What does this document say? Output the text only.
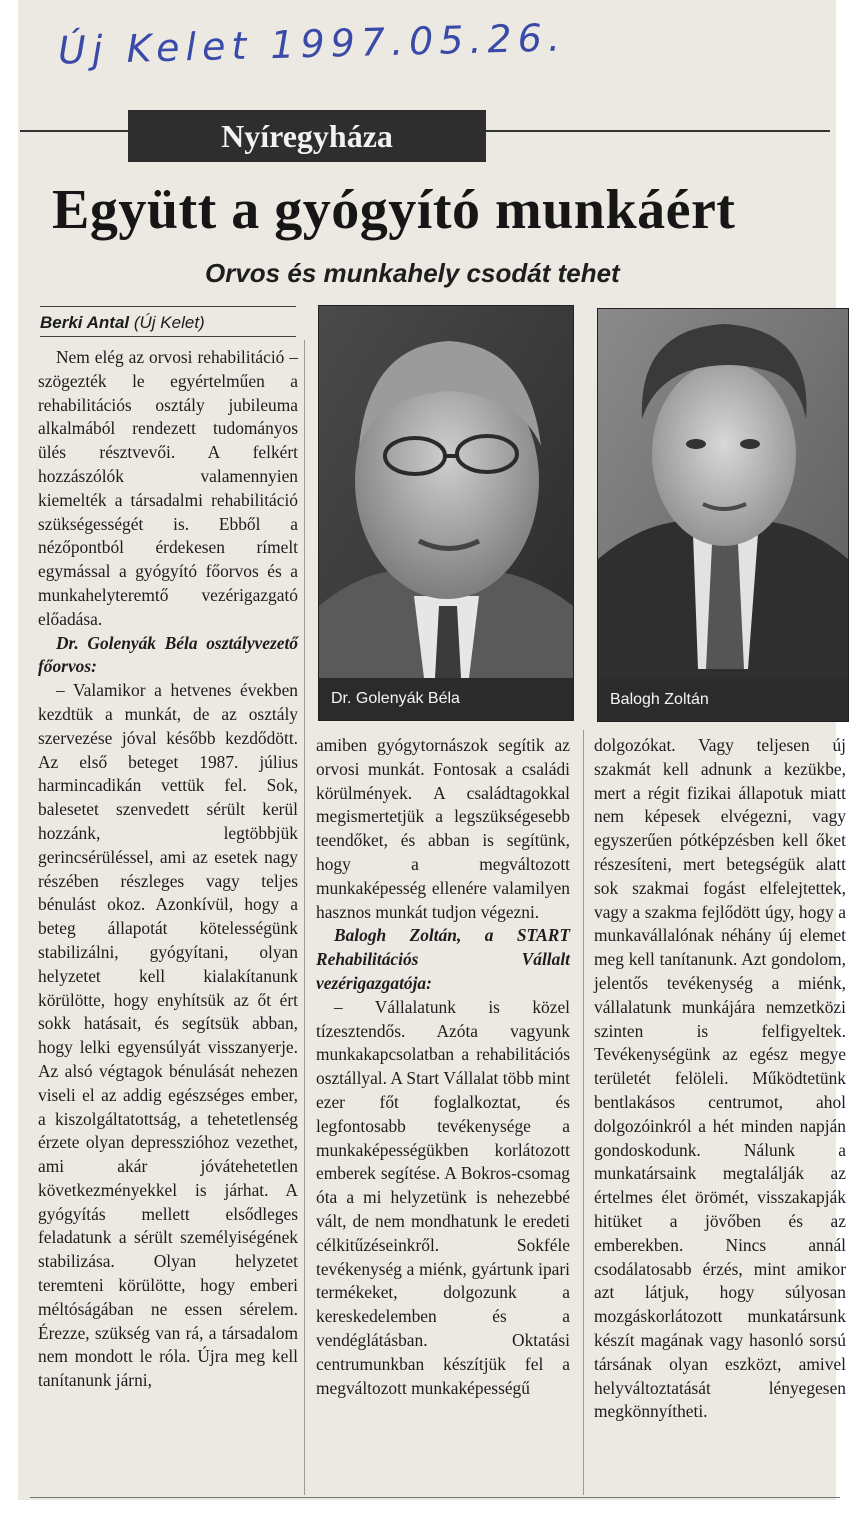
Új Kelet 1997.05.26.
Nyíregyháza
Együtt a gyógyító munkáért
Orvos és munkahely csodát tehet
Berki Antal (Új Kelet)
Dr. Golenyák Béla	Balogh Zoltán

Nem elég az orvosi rehabilitáció – szögezték le egyértelműen a rehabilitációs osztály jubileuma alkalmából rendezett tudományos ülés résztvevői. A felkért hozzászólók valamennyien kiemelték a társadalmi rehabilitáció szükségességét is. Ebből a nézőpontból érdekesen rímelt egymással a gyógyító főorvos és a munkahelyteremtő vezérigazgató előadása.

Dr. Golenyák Béla osztályvezető főorvos:

– Valamikor a hetvenes években kezdtük a munkát, de az osztály szervezése jóval később kezdődött. Az első beteget 1987. július harmincadikán vettük fel. Sok, balesetet szenvedett sérült kerül hozzánk, legtöbbjük gerincsérüléssel, ami az esetek nagy részében részleges vagy teljes bénulást okoz. Azonkívül, hogy a beteg állapotát kötelességünk stabilizálni, gyógyítani, olyan helyzetet kell kialakítanunk körülötte, hogy enyhítsük az őt ért sokk hatásait, és segítsük abban, hogy lelki egyensúlyát visszanyerje. Az alsó végtagok bénulását nehezen viseli el az addig egészséges ember, a kiszolgáltatottság, a tehetetlenség érzete olyan depresszióhoz vezethet, ami akár jóvátehetetlen következményekkel is járhat. A gyógyítás mellett elsődleges feladatunk a sérült személyiségének stabilizása. Olyan helyzetet teremteni körülötte, hogy emberi méltóságában ne essen sérelem. Érezze, szükség van rá, a társadalom nem mondott le róla. Újra meg kell tanítanunk járni,

amiben gyógytornászok segítik az orvosi munkát. Fontosak a családi körülmények. A családtagokkal megismertetjük a legszükségesebb teendőket, és abban is segítünk, hogy a megváltozott munkaképesség ellenére valamilyen hasznos munkát tudjon végezni.

Balogh Zoltán, a START Rehabilitációs Vállalt vezérigazgatója:

– Vállalatunk is közel tízesztendős. Azóta vagyunk munkakapcsolatban a rehabilitációs osztállyal. A Start Vállalat több mint ezer főt foglalkoztat, és legfontosabb tevékenysége a munkaképességükben korlátozott emberek segítése. A Bokros-csomag óta a mi helyzetünk is nehezebbé vált, de nem mondhatunk le eredeti célkitűzéseinkről. Sokféle tevékenység a miénk, gyártunk ipari termékeket, dolgozunk a kereskedelemben és a vendéglátásban. Oktatási centrumunkban készítjük fel a megváltozott munkaképességű

dolgozókat. Vagy teljesen új szakmát kell adnunk a kezükbe, mert a régit fizikai állapotuk miatt nem képesek elvégezni, vagy egyszerűen pótképzésben kell őket részesíteni, mert betegségük alatt sok szakmai fogást elfelejtettek, vagy a szakma fejlődött úgy, hogy a munkavállalónak néhány új elemet meg kell tanítanunk. Azt gondolom, jelentős tevékenység a miénk, vállalatunk munkájára nemzetközi szinten is felfigyeltek. Tevékenységünk az egész megye területét felöleli. Működtetünk bentlakásos centrumot, ahol dolgozóinkról a hét minden napján gondoskodunk. Nálunk a munkatársaink megtalálják az értelmes élet örömét, visszakapják hitüket a jövőben és az emberekben. Nincs annál csodálatosabb érzés, mint amikor azt látjuk, hogy súlyosan mozgáskorlátozott munkatársunk készít magának vagy hasonló sorsú társának olyan eszközt, amivel helyváltoztatását lényegesen megkönnyítheti.
